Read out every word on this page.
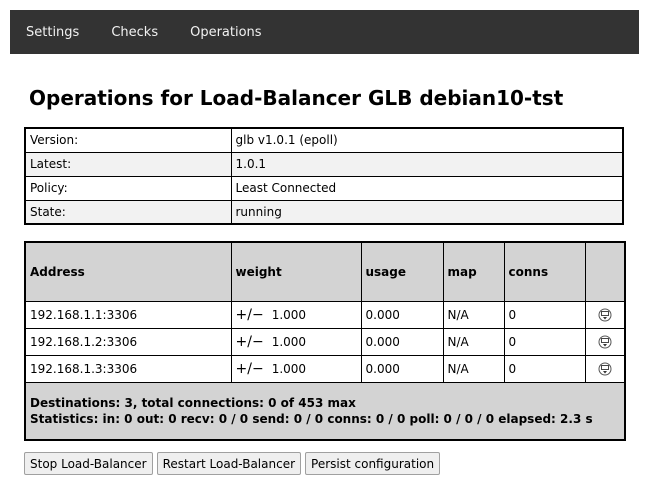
Settings	Checks	Operations
Operations for Load-Balancer GLB debian10-tst
Version:	glb v1.0.1 (epoll)
Latest:	1.0.1
Policy:	Least Connected
State:	running
Address	weight	usage	map	conns	
192.168.1.1:3306	+/− 1.000	0.000	N/A	0	
192.168.1.2:3306	+/− 1.000	0.000	N/A	0	
192.168.1.3:3306	+/− 1.000	0.000	N/A	0	

Destinations: 3, total connections: 0 of 453 max
Statistics: in: 0 out: 0 recv: 0 / 0 send: 0 / 0 conns: 0 / 0 poll: 0 / 0 / 0 elapsed: 2.3 s					
Stop Load-Balancer	Restart Load-Balancer	Persist configuration
